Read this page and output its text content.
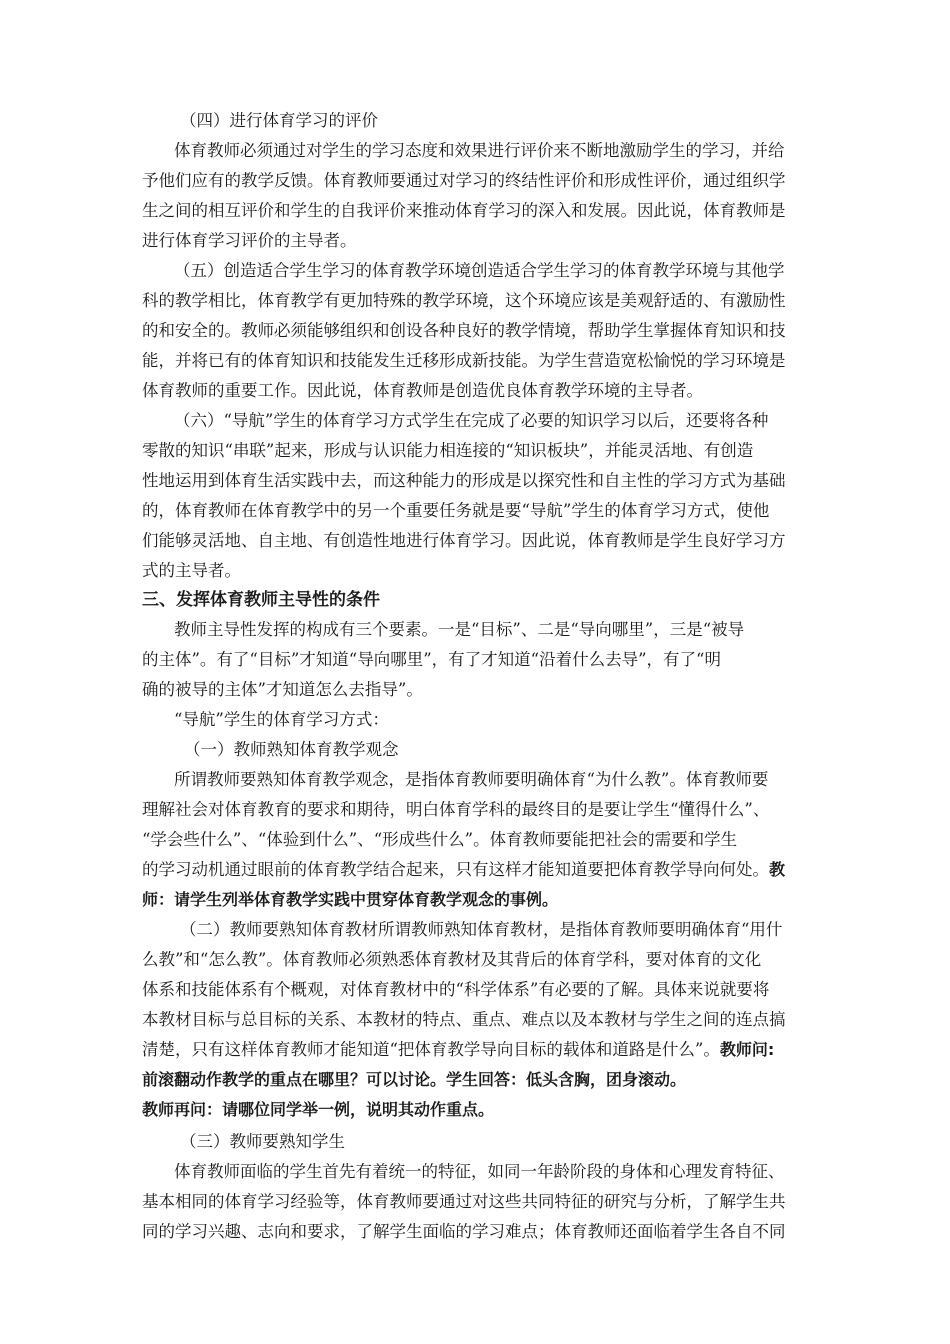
（四）进行体育学习的评价
体育教师必须通过对学生的学习态度和效果进行评价来不断地激励学生的学习，并给
予他们应有的教学反馈。体育教师要通过对学习的终结性评价和形成性评价，通过组织学
生之间的相互评价和学生的自我评价来推动体育学习的深入和发展。因此说，体育教师是
进行体育学习评价的主导者。
（五）创造适合学生学习的体育教学环境创造适合学生学习的体育教学环境与其他学
科的教学相比，体育教学有更加特殊的教学环境，这个环境应该是美观舒适的、有激励性
的和安全的。教师必须能够组织和创设各种良好的教学情境，帮助学生掌握体育知识和技
能，并将已有的体育知识和技能发生迁移形成新技能。为学生营造宽松愉悦的学习环境是
体育教师的重要工作。因此说，体育教师是创造优良体育教学环境的主导者。
（六）“导航”学生的体育学习方式学生在完成了必要的知识学习以后，还要将各种
零散的知识“串联”起来，形成与认识能力相连接的“知识板块”，并能灵活地、有创造
性地运用到体育生活实践中去，而这种能力的形成是以探究性和自主性的学习方式为基础
的，体育教师在体育教学中的另一个重要任务就是要“导航”学生的体育学习方式，使他
们能够灵活地、自主地、有创造性地进行体育学习。因此说，体育教师是学生良好学习方
式的主导者。
三、发挥体育教师主导性的条件
教师主导性发挥的构成有三个要素。一是“目标”、二是“导向哪里”，三是“被导
的主体”。有了“目标”才知道“导向哪里”，有了才知道“沿着什么去导”，有了“明
确的被导的主体”才知道怎么去指导”。
“导航”学生的体育学习方式：
（一）教师熟知体育教学观念
所谓教师要熟知体育教学观念，是指体育教师要明确体育“为什么教”。体育教师要
理解社会对体育教育的要求和期待，明白体育学科的最终目的是要让学生“懂得什么”、
“学会些什么”、“体验到什么”、“形成些什么”。体育教师要能把社会的需要和学生
的学习动机通过眼前的体育教学结合起来，只有这样才能知道要把体育教学导向何处。教
师：请学生列举体育教学实践中贯穿体育教学观念的事例。
（二）教师要熟知体育教材所谓教师熟知体育教材，是指体育教师要明确体育“用什
么教”和“怎么教”。体育教师必须熟悉体育教材及其背后的体育学科，要对体育的文化
体系和技能体系有个概观，对体育教材中的“科学体系”有必要的了解。具体来说就要将
本教材目标与总目标的关系、本教材的特点、重点、难点以及本教材与学生之间的连点搞
清楚，只有这样体育教师才能知道“把体育教学导向目标的载体和道路是什么”。教师问:
前滚翻动作教学的重点在哪里？可以讨论。学生回答：低头含胸，团身滚动。
教师再问：请哪位同学举一例，说明其动作重点。
（三）教师要熟知学生
体育教师面临的学生首先有着统一的特征，如同一年龄阶段的身体和心理发育特征、
基本相同的体育学习经验等，体育教师要通过对这些共同特征的研究与分析，了解学生共
同的学习兴趣、志向和要求，了解学生面临的学习难点；体育教师还面临着学生各自不同
